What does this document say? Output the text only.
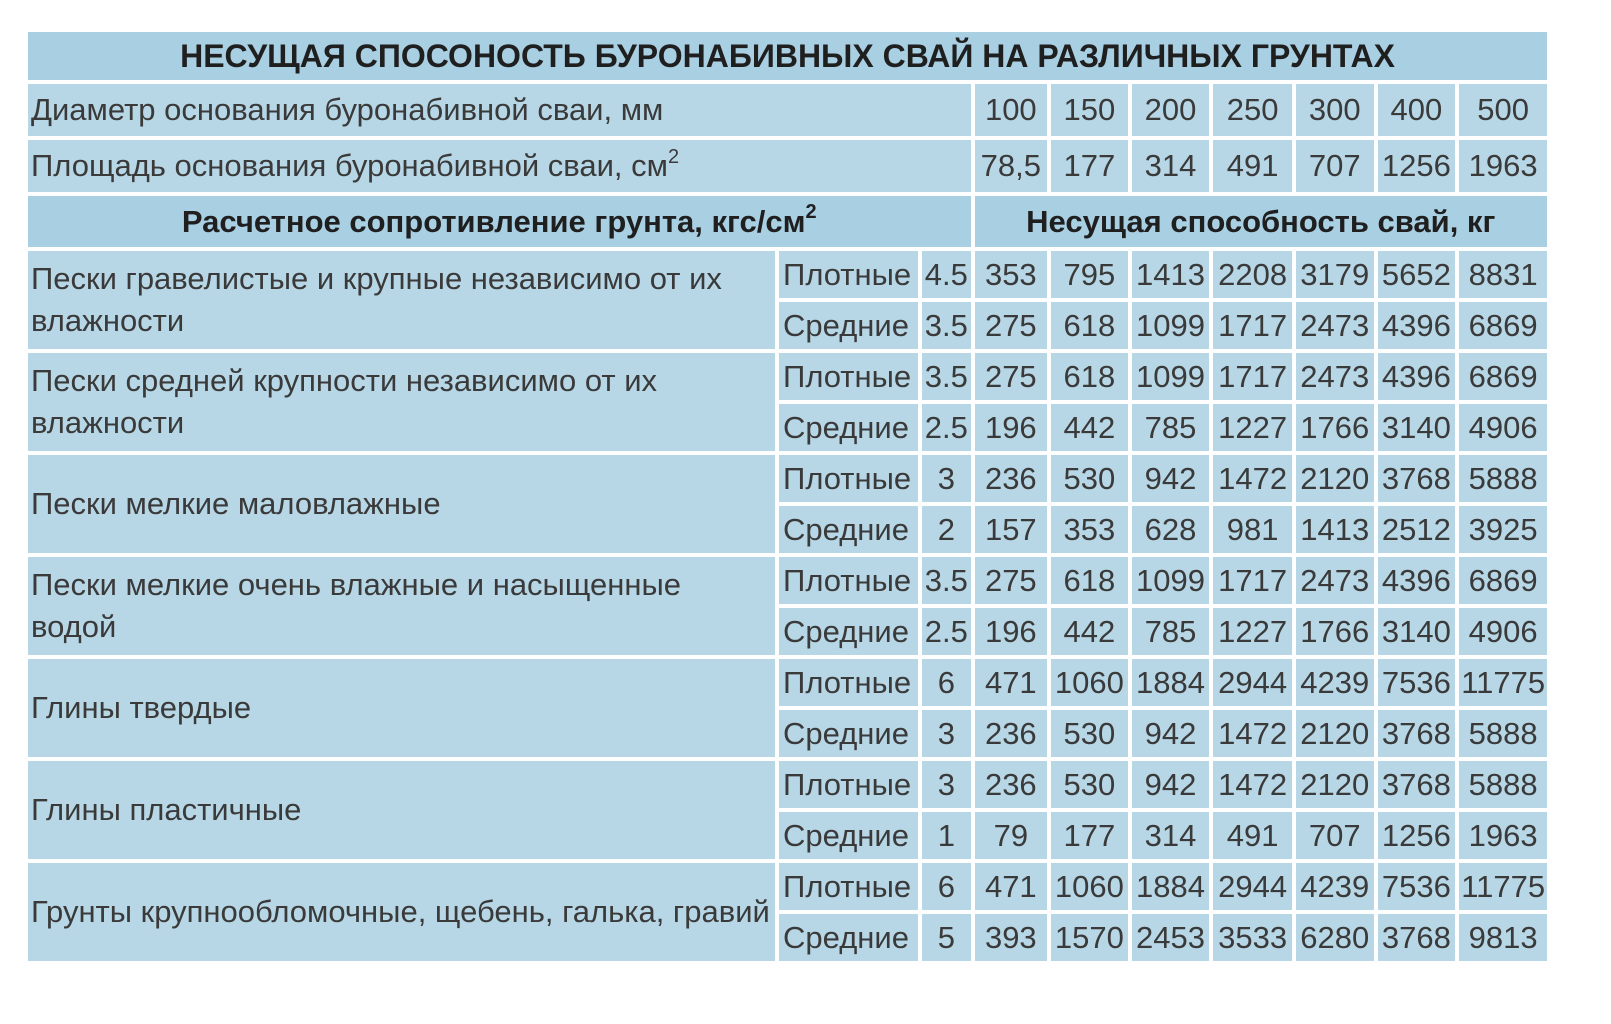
НЕСУЩАЯ СПОСОНОСТЬ БУРОНАБИВНЫХ СВАЙ НА РАЗЛИЧНЫХ ГРУНТАХ									
Диаметр основания буронабивной сваи, мм			100	150	200	250	300	400	500
Площадь основания буронабивной сваи, $см^2$			78,5	177	314	491	707	1256	1963
Расчетное сопротивление грунта, кгс/$см^2$			Несущая способность свай, кг						
Пески гравелистые и крупные независимо от их влажности	Плотные	4.5	353	795	1413	2208	3179	5652	8831
	Средние	3.5	275	618	1099	1717	2473	4396	6869
Пески средней крупности независимо от их влажности	Плотные	3.5	275	618	1099	1717	2473	4396	6869
	Средние	2.5	196	442	785	1227	1766	3140	4906
Пески мелкие маловлажные	Плотные	3	236	530	942	1472	2120	3768	5888
	Средние	2	157	353	628	981	1413	2512	3925
Пески мелкие очень влажные и насыщенные водой	Плотные	3.5	275	618	1099	1717	2473	4396	6869
	Средние	2.5	196	442	785	1227	1766	3140	4906
Глины твердые	Плотные	6	471	1060	1884	2944	4239	7536	11775
	Средние	3	236	530	942	1472	2120	3768	5888
Глины пластичные	Плотные	3	236	530	942	1472	2120	3768	5888
	Средние	1	79	177	314	491	707	1256	1963
Грунты крупнообломочные, щебень, галька, гравий	Плотные	6	471	1060	1884	2944	4239	7536	11775
	Средние	5	393	1570	2453	3533	6280	3768	9813
